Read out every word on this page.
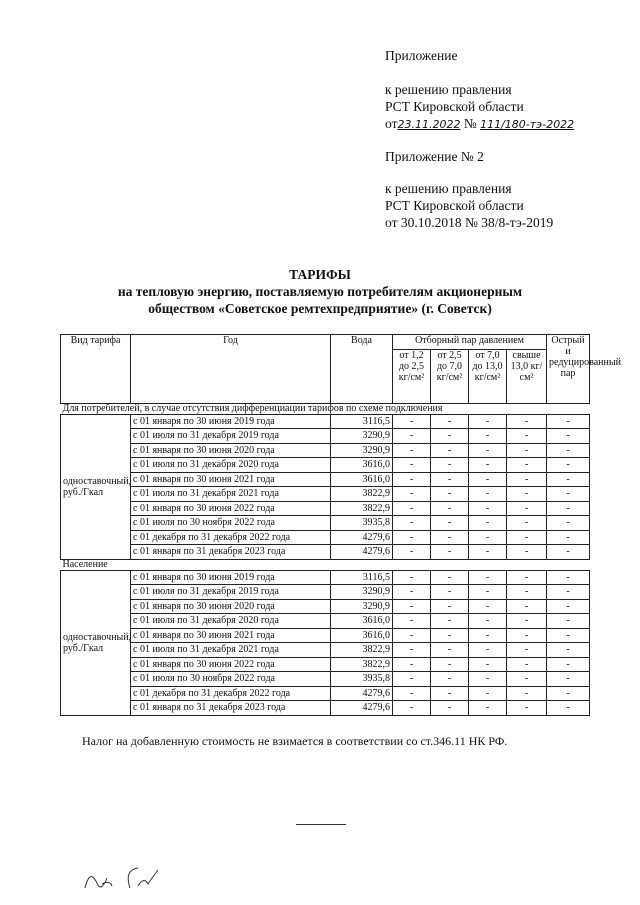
Приложение
к решению правления
РСТ Кировской области
от23.11.2022 № 111/180-тэ-2022
Приложение № 2
к решению правления
РСТ Кировской области
от 30.10.2018 № 38/8-тэ-2019
ТАРИФЫ
на тепловую энергию, поставляемую потребителям акционерным
обществом «Советское ремтехпредприятие» (г. Советск)
Вид тарифа	Год	Вода	Отборный пар давлением				Острый и редуцированный пар
			от 1,2 до 2,5 кг/см²	от 2,5 до 7,0 кг/см²	от 7,0 до 13,0 кг/см²	свыше 13,0 кг/см²	
Для потребителей, в случае отсутствия дифференциации тарифов по схеме подключения							
одноставочный, руб./Гкал	с 01 января по 30 июня 2019 года	3116,5	-	-	-	-	-
	с 01 июля по 31 декабря 2019 года	3290,9	-	-	-	-	-
	с 01 января по 30 июня 2020 года	3290,9	-	-	-	-	-
	с 01 июля по 31 декабря 2020 года	3616,0	-	-	-	-	-
	с 01 января по 30 июня 2021 года	3616,0	-	-	-	-	-
	с 01 июля по 31 декабря 2021 года	3822,9	-	-	-	-	-
	с 01 января по 30 июня 2022 года	3822,9	-	-	-	-	-
	с 01 июля по 30 ноября 2022 года	3935,8	-	-	-	-	-
	с 01 декабря по 31 декабря 2022 года	4279,6	-	-	-	-	-
	с 01 января по 31 декабря 2023 года	4279,6	-	-	-	-	-
Население							
одноставочный, руб./Гкал	с 01 января по 30 июня 2019 года	3116,5	-	-	-	-	-
	с 01 июля по 31 декабря 2019 года	3290,9	-	-	-	-	-
	с 01 января по 30 июня 2020 года	3290,9	-	-	-	-	-
	с 01 июля по 31 декабря 2020 года	3616,0	-	-	-	-	-
	с 01 января по 30 июня 2021 года	3616,0	-	-	-	-	-
	с 01 июля по 31 декабря 2021 года	3822,9	-	-	-	-	-
	с 01 января по 30 июня 2022 года	3822,9	-	-	-	-	-
	с 01 июля по 30 ноября 2022 года	3935,8	-	-	-	-	-
	с 01 декабря по 31 декабря 2022 года	4279,6	-	-	-	-	-
	с 01 января по 31 декабря 2023 года	4279,6	-	-	-	-	-
Налог на добавленную стоимость не взимается в соответствии со ст.346.11 НК РФ.
